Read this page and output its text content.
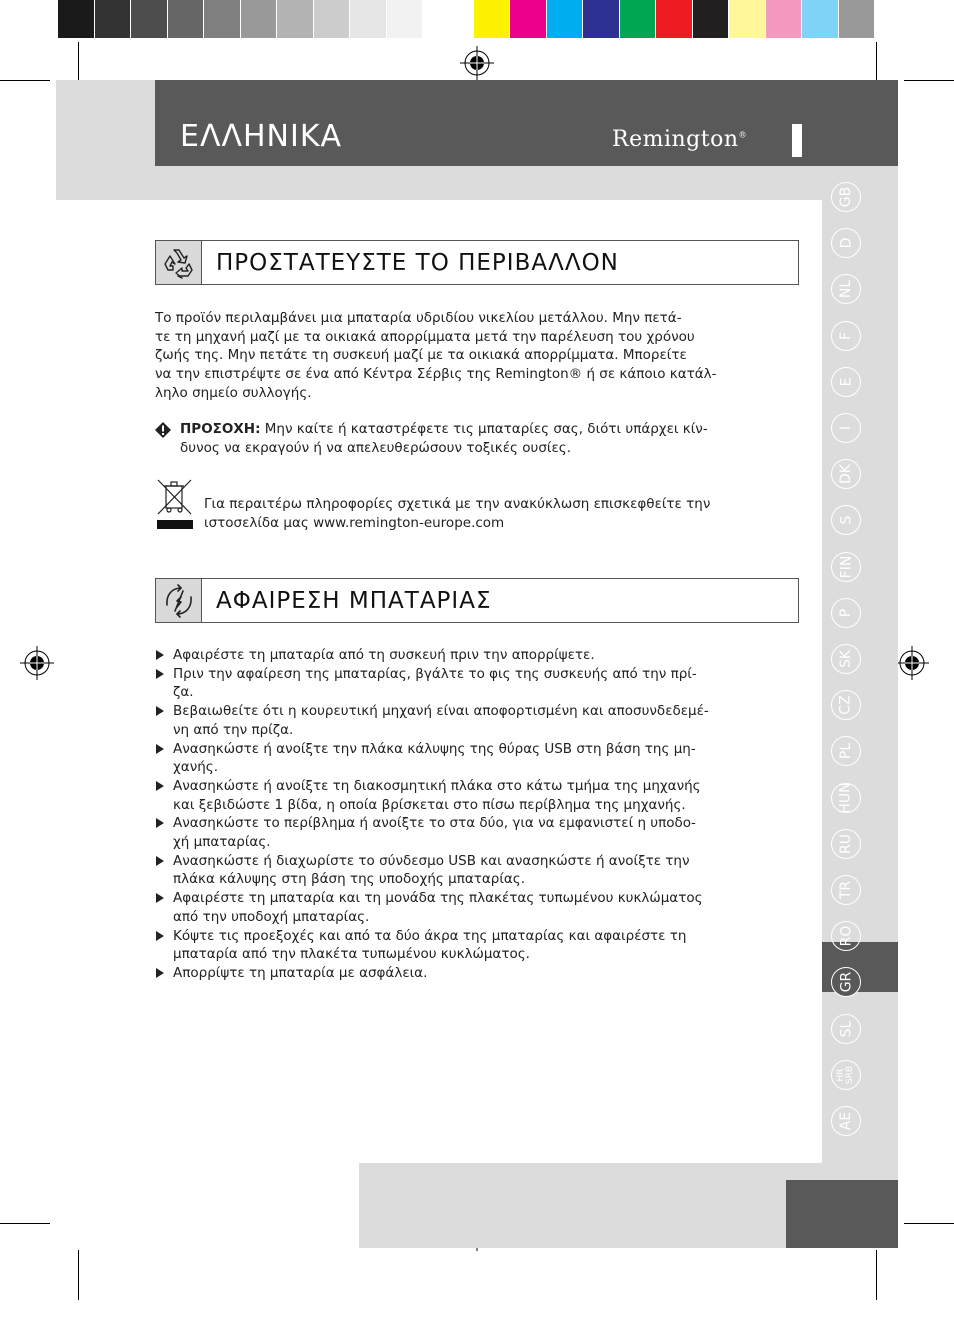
ΕΛΛΗΝΙΚΑ	Remington®
GB
D
NL
F
E
I
DK
S
FIN
P
SK
CZ
PL
HUN
RU
TR
RO
GR
SL
HR SRB
AE
ΠΡΟΣΤΑΤΕΥΣΤΕ ΤΟ ΠΕΡΙΒΑΛΛΟΝ
Το προϊόν περιλαμβάνει μια μπαταρία υδριδίου νικελίου μετάλλου. Μην πετά-
τε τη μηχανή μαζί με τα οικιακά απορρίμματα μετά την παρέλευση του χρόνου
ζωής της. Μην πετάτε τη συσκευή μαζί με τα οικιακά απορρίμματα. Μπορείτε
να την επιστρέψτε σε ένα από Κέντρα Σέρβις της Remington® ή σε κάποιο κατάλ-
ληλο σημείο συλλογής.
ΠΡΟΣΟΧΗ: Μην καίτε ή καταστρέφετε τις μπαταρίες σας, διότι υπάρχει κίν-
δυνος να εκραγούν ή να απελευθερώσουν τοξικές ουσίες.
Για περαιτέρω πληροφορίες σχετικά με την ανακύκλωση επισκεφθείτε την
ιστοσελίδα μας www.remington-europe.com
ΑΦΑΙΡΕΣΗ ΜΠΑΤΑΡΙΑΣ
Αφαιρέστε τη μπαταρία από τη συσκευή πριν την απορρίψετε.
Πριν την αφαίρεση της μπαταρίας, βγάλτε το φις της συσκευής από την πρί-
ζα.
Βεβαιωθείτε ότι η κουρευτική μηχανή είναι αποφορτισμένη και αποσυνδεδεμέ-
νη από την πρίζα.
Ανασηκώστε ή ανοίξτε την πλάκα κάλυψης της θύρας USB στη βάση της μη-
χανής.
Ανασηκώστε ή ανοίξτε τη διακοσμητική πλάκα στο κάτω τμήμα της μηχανής
και ξεβιδώστε 1 βίδα, η οποία βρίσκεται στο πίσω περίβλημα της μηχανής.
Ανασηκώστε το περίβλημα ή ανοίξτε το στα δύο, για να εμφανιστεί η υποδο-
χή μπαταρίας.
Ανασηκώστε ή διαχωρίστε το σύνδεσμο USB και ανασηκώστε ή ανοίξτε την
πλάκα κάλυψης στη βάση της υποδοχής μπαταρίας.
Αφαιρέστε τη μπαταρία και τη μονάδα της πλακέτας τυπωμένου κυκλώματος
από την υποδοχή μπαταρίας.
Κόψτε τις προεξοχές και από τα δύο άκρα της μπαταρίας και αφαιρέστε τη
μπαταρία από την πλακέτα τυπωμένου κυκλώματος.
Απορρίψτε τη μπαταρία με ασφάλεια.
